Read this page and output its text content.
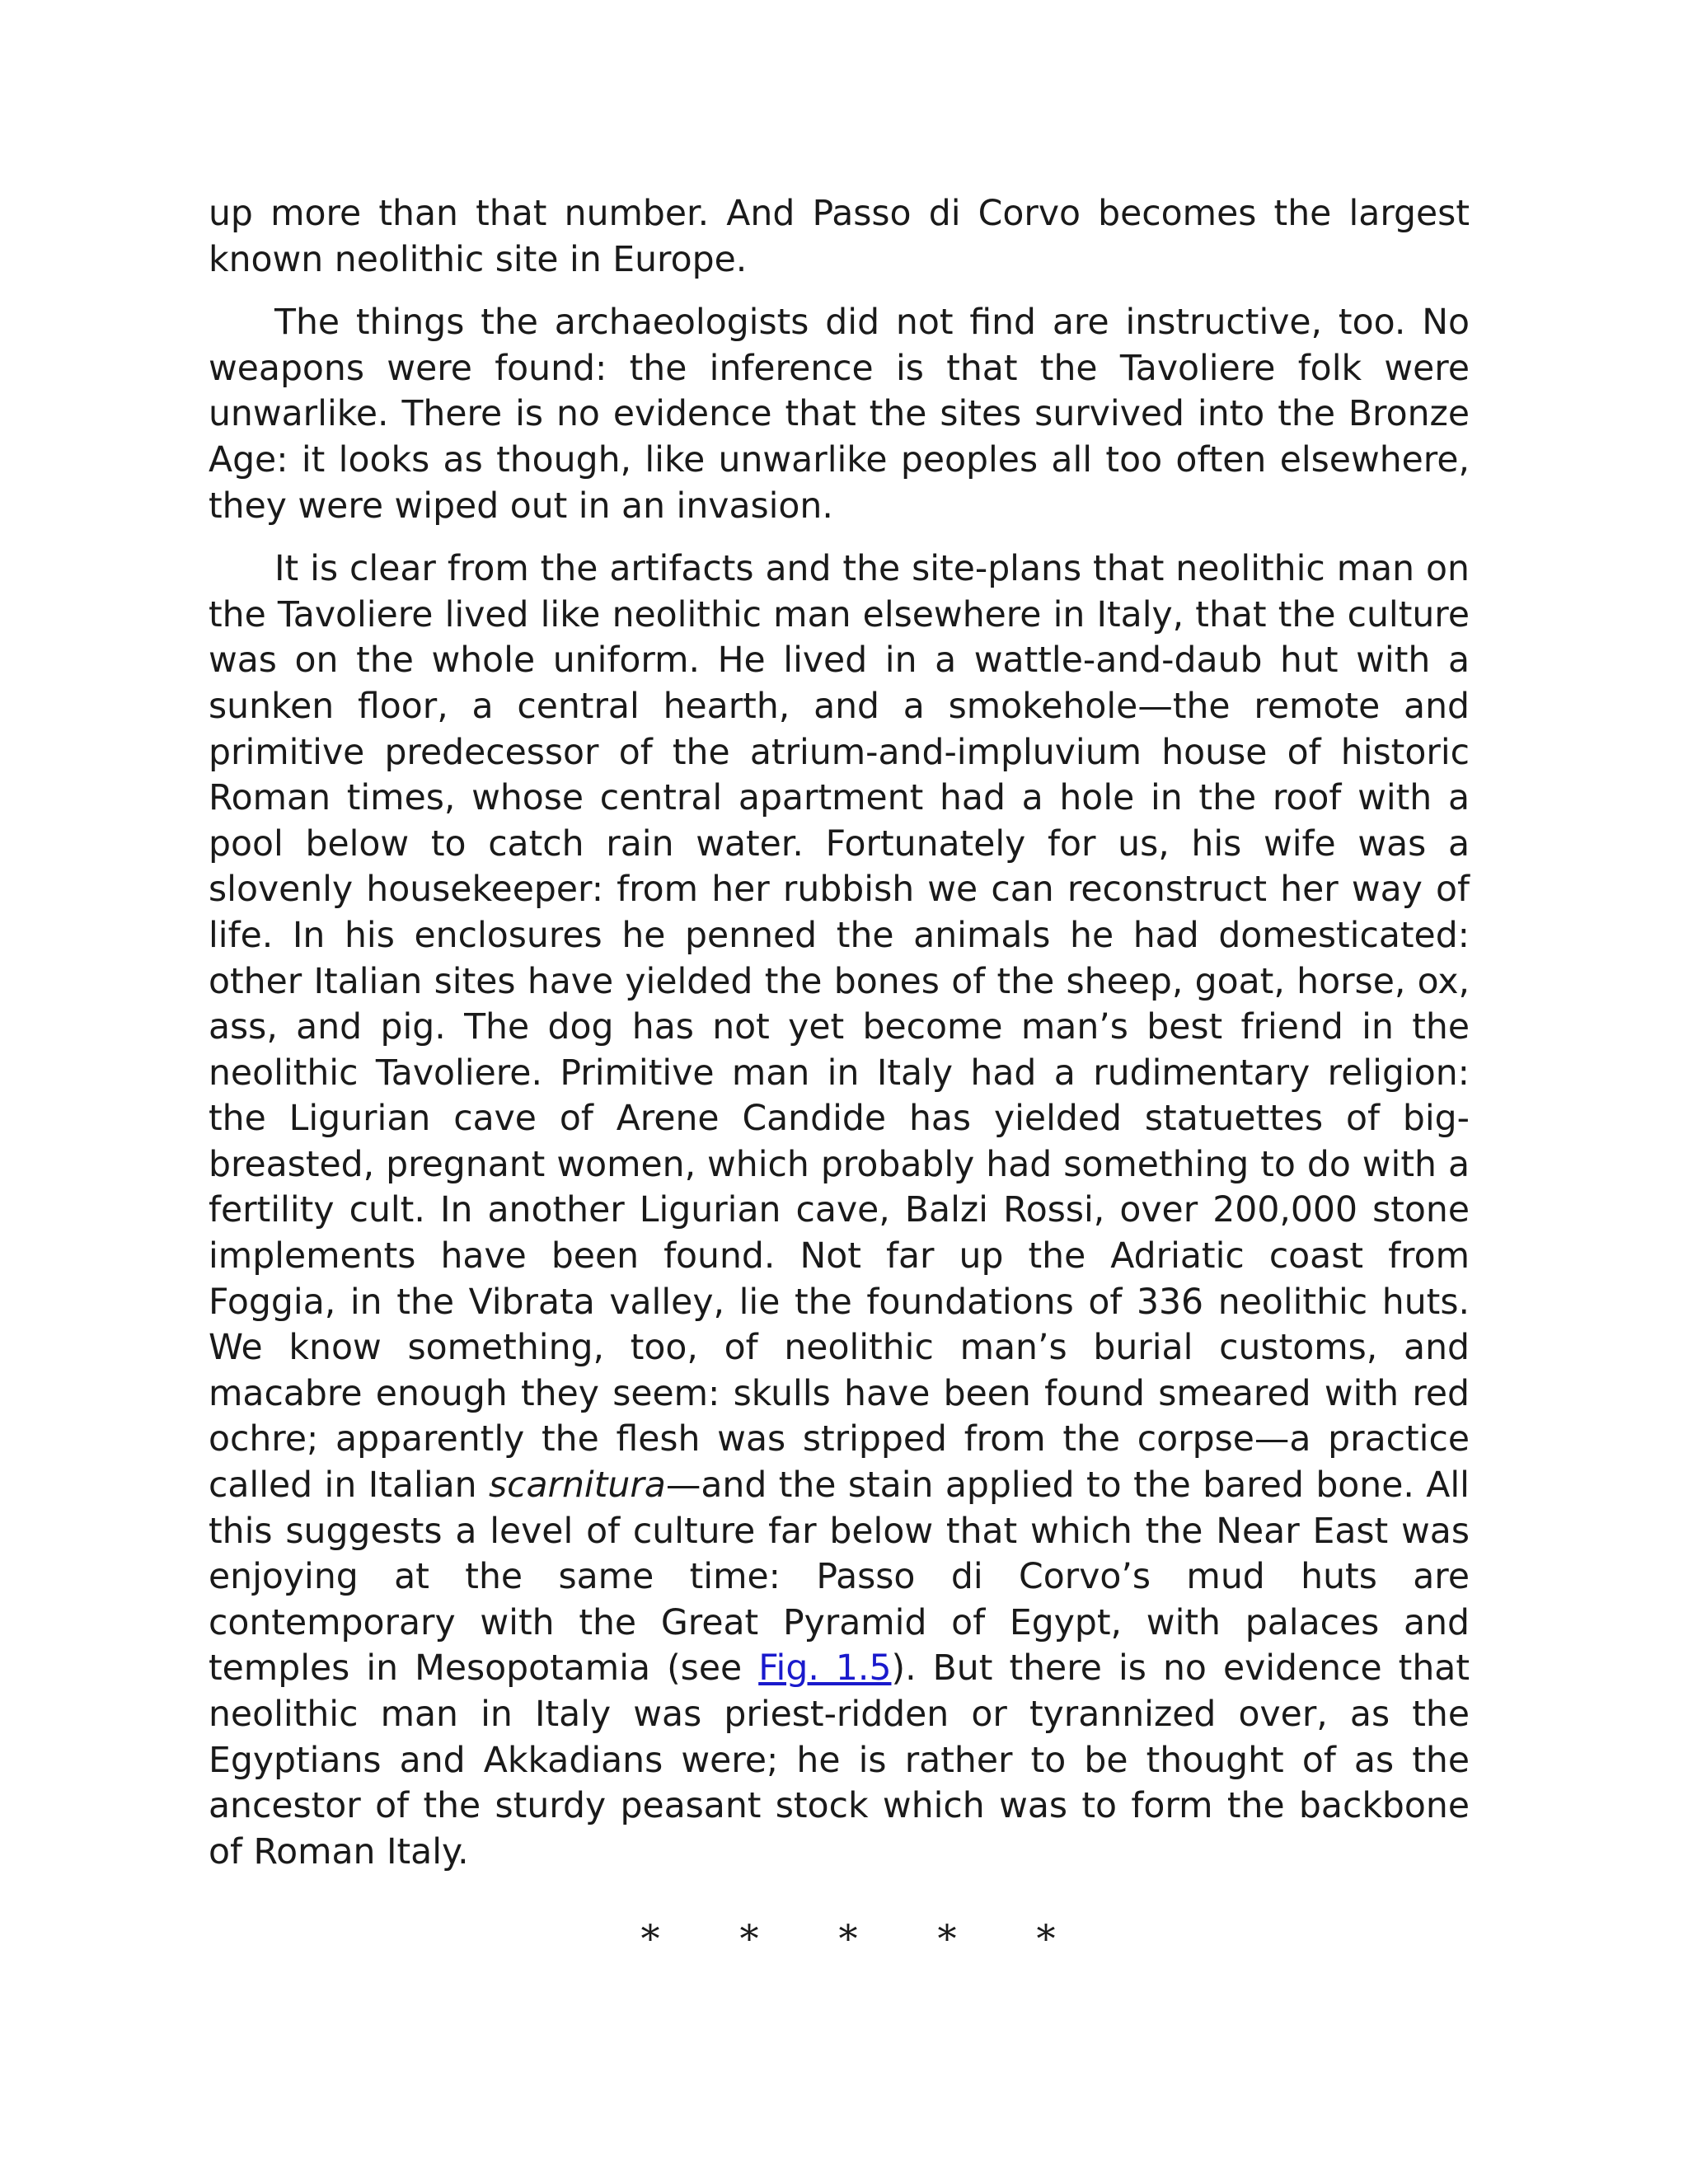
up more than that number. And Passo di Corvo becomes the largest known neolithic site in Europe.

The things the archaeologists did not find are instructive, too. No weapons were found: the inference is that the Tavoliere folk were unwarlike. There is no evidence that the sites survived into the Bronze Age: it looks as though, like unwarlike peoples all too often elsewhere, they were wiped out in an invasion.

It is clear from the artifacts and the site-plans that neolithic man on the Tavoliere lived like neolithic man elsewhere in Italy, that the culture was on the whole uniform. He lived in a wattle-and-daub hut with a sunken floor, a central hearth, and a smokehole—the remote and primitive predecessor of the atrium-and-impluvium house of historic Roman times, whose central apartment had a hole in the roof with a pool below to catch rain water. Fortunately for us, his wife was a slovenly housekeeper: from her rubbish we can reconstruct her way of life. In his enclosures he penned the animals he had domesticated: other Italian sites have yielded the bones of the sheep, goat, horse, ox, ass, and pig. The dog has not yet become man’s best friend in the neolithic Tavoliere. Primitive man in Italy had a rudimentary religion: the Ligurian cave of Arene Candide has yielded statuettes of big-breasted, pregnant women, which probably had something to do with a fertility cult. In another Ligurian cave, Balzi Rossi, over 200,000 stone implements have been found. Not far up the Adriatic coast from Foggia, in the Vibrata valley, lie the foundations of 336 neolithic huts. We know something, too, of neolithic man’s burial customs, and macabre enough they seem: skulls have been found smeared with red ochre; apparently the flesh was stripped from the corpse—a practice called in Italian scarnitura—and the stain applied to the bared bone. All this suggests a level of culture far below that which the Near East was enjoying at the same time: Passo di Corvo’s mud huts are contemporary with the Great Pyramid of Egypt, with palaces and temples in Mesopotamia (see Fig. 1.5). But there is no evidence that neolithic man in Italy was priest-ridden or tyrannized over, as the Egyptians and Akkadians were; he is rather to be thought of as the ancestor of the sturdy peasant stock which was to form the backbone of Roman Italy.

* * * * *
